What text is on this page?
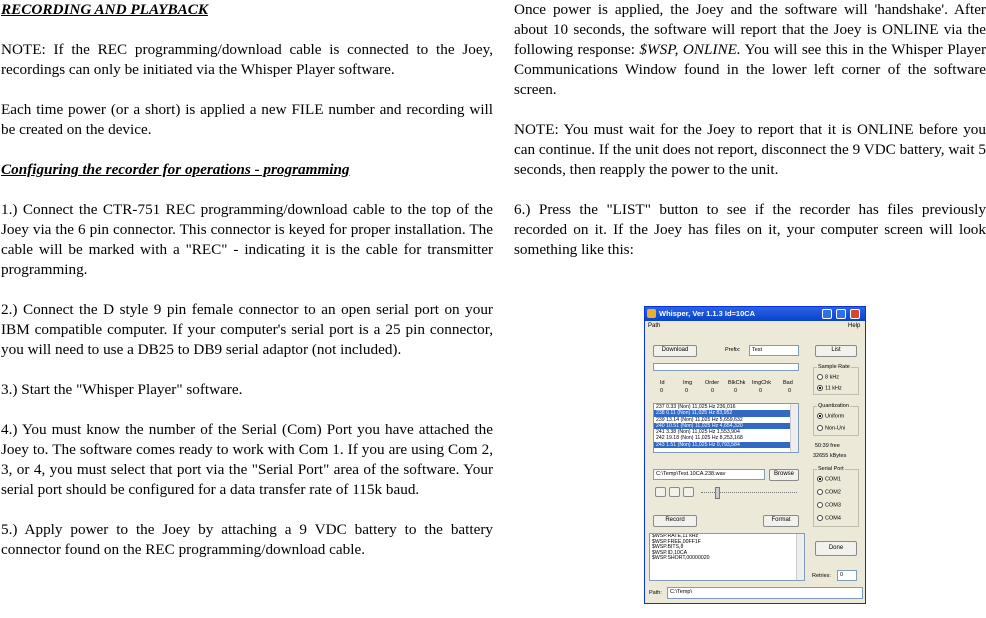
RECORDING AND PLAYBACK

NOTE: If the REC programming/download cable is connected to the Joey, recordings can only be initiated via the Whisper Player software.

Each time power (or a short) is applied a new FILE number and recording will be created on the device.

Configuring the recorder for operations - programming

1.) Connect the CTR-751 REC programming/download cable to the top of the Joey via the 6 pin connector. This connector is keyed for proper installation. The cable will be marked with a "REC" - indicating it is the cable for transmitter programming.

2.) Connect the D style 9 pin female connector to an open serial port on your IBM compatible computer. If your computer's serial port is a 25 pin connector, you will need to use a DB25 to DB9 serial adaptor (not included).

3.) Start the "Whisper Player" software.

4.) You must know the number of the Serial (Com) Port you have attached the Joey to. The software comes ready to work with Com 1. If you are using Com 2, 3, or 4, you must select that port via the "Serial Port" area of the software. Your serial port should be configured for a data transfer rate of 115k baud.

5.) Apply power to the Joey by attaching a 9 VDC battery to the battery connector found on the REC programming/download cable.

Once power is applied, the Joey and the software will 'handshake'. After about 10 seconds, the software will report that the Joey is ONLINE via the following response: $WSP, ONLINE. You will see this in the Whisper Player Communications Window found in the lower left corner of the software screen.

NOTE: You must wait for the Joey to report that it is ONLINE before you can continue. If the unit does not report, disconnect the 9 VDC battery, wait 5 seconds, then reapply the power to the unit.

6.) Press the "LIST" button to see if the recorder has files previously recorded on it. If the Joey has files on it, your computer screen will look something like this:

Whisper, Ver 1.1.3 Id=10CA
Path	Help
Download	Prefix:	Test	List
Id	Img Order BlkChk ImgChk Bad
0	0	0	0	0	0
237 0.33 (Non) 11,025 Hz 236,016
238 0.11 (Non) 11,025 Hz 83,952
239 13.14 (Non) 11,025 Hz 5,659,632
240 10.51 (Non) 11,025 Hz 4,654,320
241 3.38 (Non) 11,025 Hz 1,553,904
242 19.18 (Non) 11,025 Hz 8,253,168
243 1.51 (Non) 11,025 Hz 0,793,584
Sample Rate
8 kHz
11 kHz
Quantization
Uniform
Non-Uni
50:39 free
32655 kBytes
C:\Temp\Test.10CA.238.wav	Browse
Serial Port
COM1
COM2
COM3
COM4
Record	Format
$WSP.RATE,11 kHz
$WSP.FREE,00FF1F
$WSP.BITS,8
$WSP.ID,10CA
$WSP.SHORT,00000020
Done
Retries:	0
Path:	C:\Temp\
